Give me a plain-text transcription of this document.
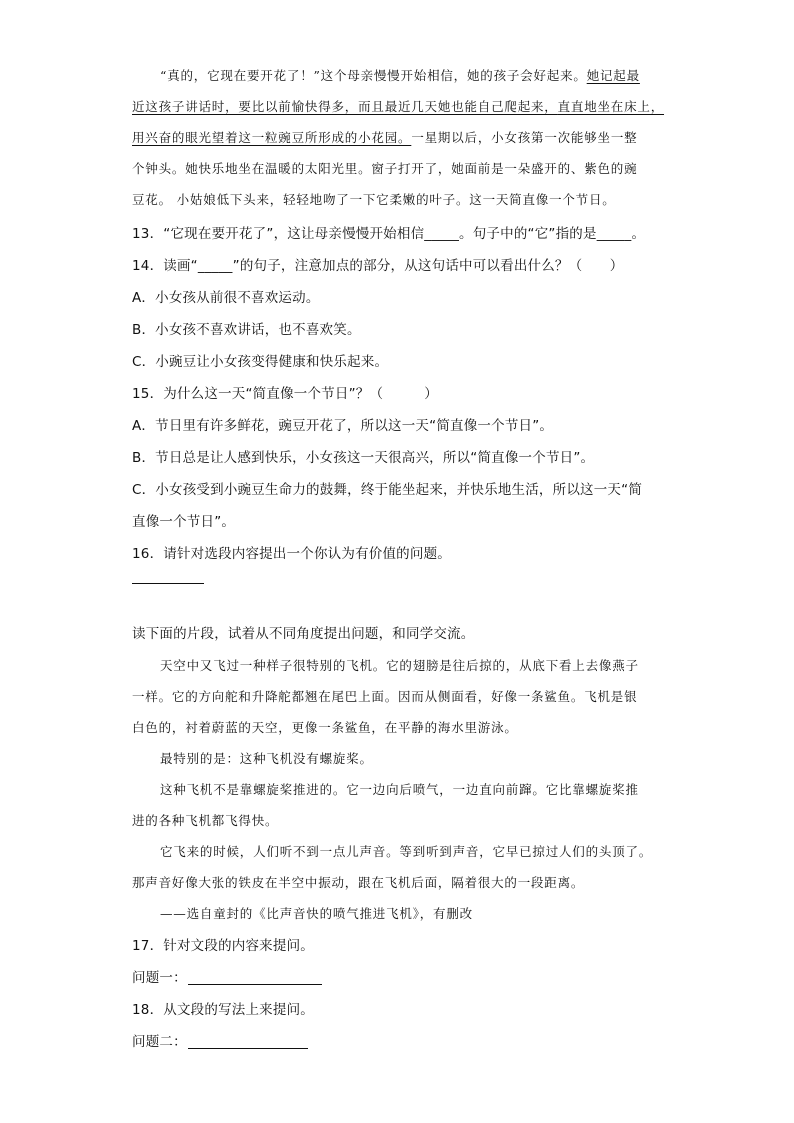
“真的，它现在要开花了！”这个母亲慢慢开始相信，她的孩子会好起来。她记起最
近这孩子讲话时，要比以前愉快得多，而且最近几天她也能自己爬起来，直直地坐在床上，
用兴奋的眼光望着这一粒豌豆所形成的小花园。一星期以后，小女孩第一次能够坐一整
个钟头。她快乐地坐在温暖的太阳光里。窗子打开了，她面前是一朵盛开的、紫色的豌
豆花。 小姑娘低下头来，轻轻地吻了一下它柔嫩的叶子。这一天简直像一个节日。
13．“它现在要开花了”，这让母亲慢慢开始相信_____。句子中的“它”指的是_____。
14．读画“_____”的句子，注意加点的部分，从这句话中可以看出什么？（　　）
A．小女孩从前很不喜欢运动。
B．小女孩不喜欢讲话，也不喜欢笑。
C．小豌豆让小女孩变得健康和快乐起来。
15．为什么这一天“简直像一个节日”？（　　　）
A．节日里有许多鲜花，豌豆开花了，所以这一天“简直像一个节日”。
B．节日总是让人感到快乐，小女孩这一天很高兴，所以“简直像一个节日”。
C．小女孩受到小豌豆生命力的鼓舞，终于能坐起来，并快乐地生活，所以这一天“简
直像一个节日”。
16．请针对选段内容提出一个你认为有价值的问题。
读下面的片段，试着从不同角度提出问题，和同学交流。
天空中又飞过一种样子很特别的飞机。它的翅膀是往后掠的，从底下看上去像燕子
一样。它的方向舵和升降舵都翘在尾巴上面。因而从侧面看，好像一条鲨鱼。飞机是银
白色的，衬着蔚蓝的天空，更像一条鲨鱼，在平静的海水里游泳。
最特别的是：这种飞机没有螺旋桨。
这种飞机不是靠螺旋桨推进的。它一边向后喷气，一边直向前蹿。它比靠螺旋桨推
进的各种飞机都飞得快。
它飞来的时候，人们听不到一点儿声音。等到听到声音，它早已掠过人们的头顶了。
那声音好像大张的铁皮在半空中振动，跟在飞机后面，隔着很大的一段距离。
——选自童封的《比声音快的喷气推进飞机》，有删改
17．针对文段的内容来提问。
问题一：
18．从文段的写法上来提问。
问题二：
